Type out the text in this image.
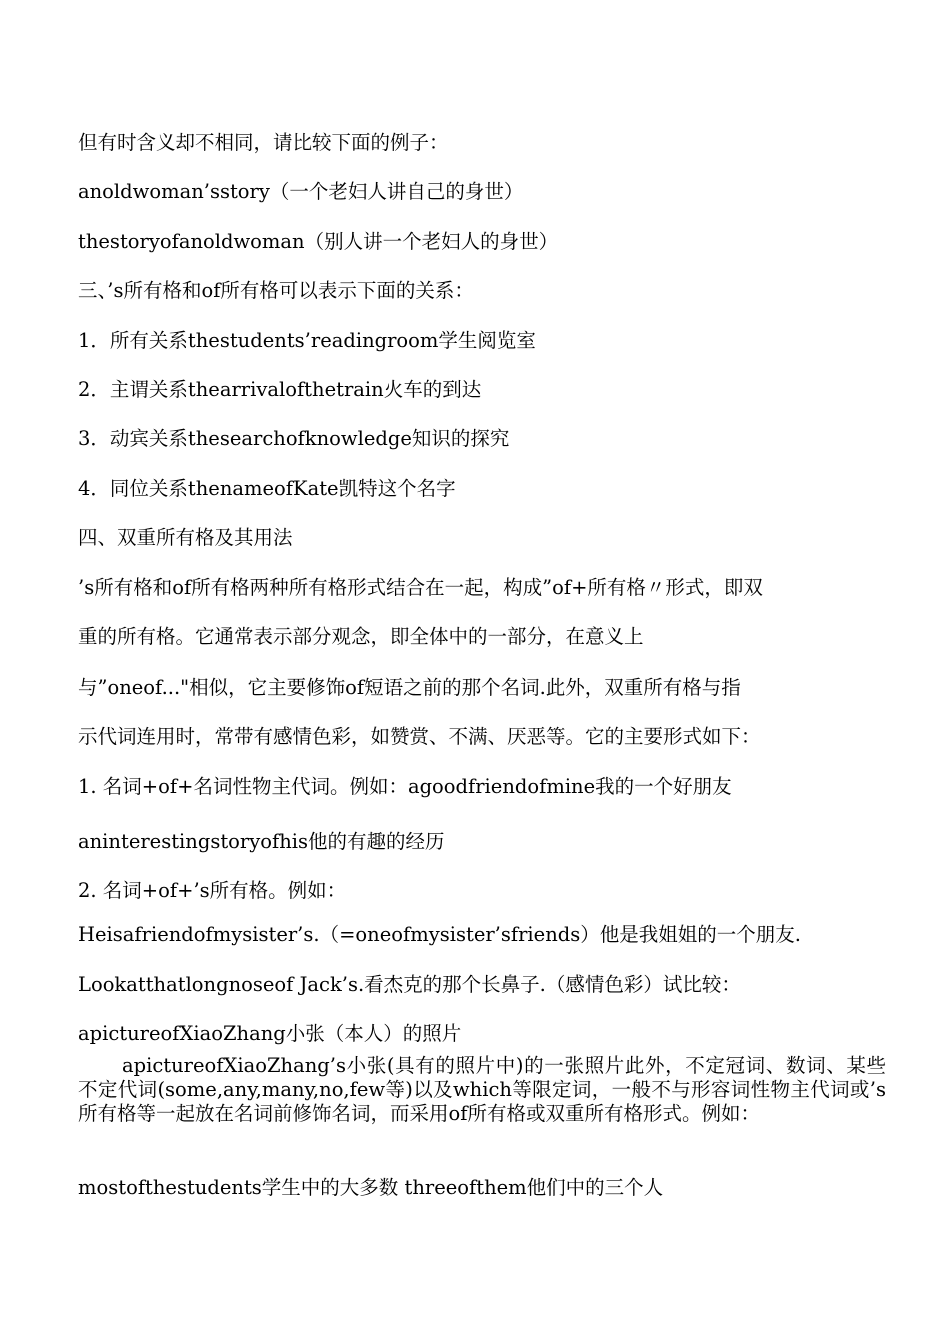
但有时含义却不相同，请比较下面的例子：
anoldwoman’sstory（一个老妇人讲自己的身世）
thestoryofanoldwoman（别人讲一个老妇人的身世）
三、’s所有格和of所有格可以表示下面的关系：
1．所有关系thestudents’readingroom学生阅览室
2．主谓关系thearrivalofthetrain火车的到达
3．动宾关系thesearchofknowledge知识的探究
4．同位关系thenameofKate凯特这个名字
四、双重所有格及其用法
’s所有格和of所有格两种所有格形式结合在一起，构成”of+所有格〃形式，即双
重的所有格。它通常表示部分观念，即全体中的一部分，在意义上
与”oneof..."相似，它主要修饰of短语之前的那个名词.此外，双重所有格与指
示代词连用时，常带有感情色彩，如赞赏、不满、厌恶等。它的主要形式如下：
1. 名词+of+名词性物主代词。例如：agoodfriendofmine我的一个好朋友
aninterestingstoryofhis他的有趣的经历
2. 名词+of+’s所有格。例如：
Heisafriendofmysister’s.（=oneofmysister’sfriends）他是我姐姐的一个朋友.
Lookatthatlongnoseof Jack’s.看杰克的那个长鼻子.（感情色彩）试比较：
apictureofXiaoZhang小张（本人）的照片
apictureofXiaoZhang’s小张(具有的照片中)的一张照片此外，不定冠词、数词、某些不定代词(some,any,many,no,few等)以及which等限定词，一般不与形容词性物主代词或’s所有格等一起放在名词前修饰名词，而采用of所有格或双重所有格形式。例如：
mostofthestudents学生中的大多数 threeofthem他们中的三个人
